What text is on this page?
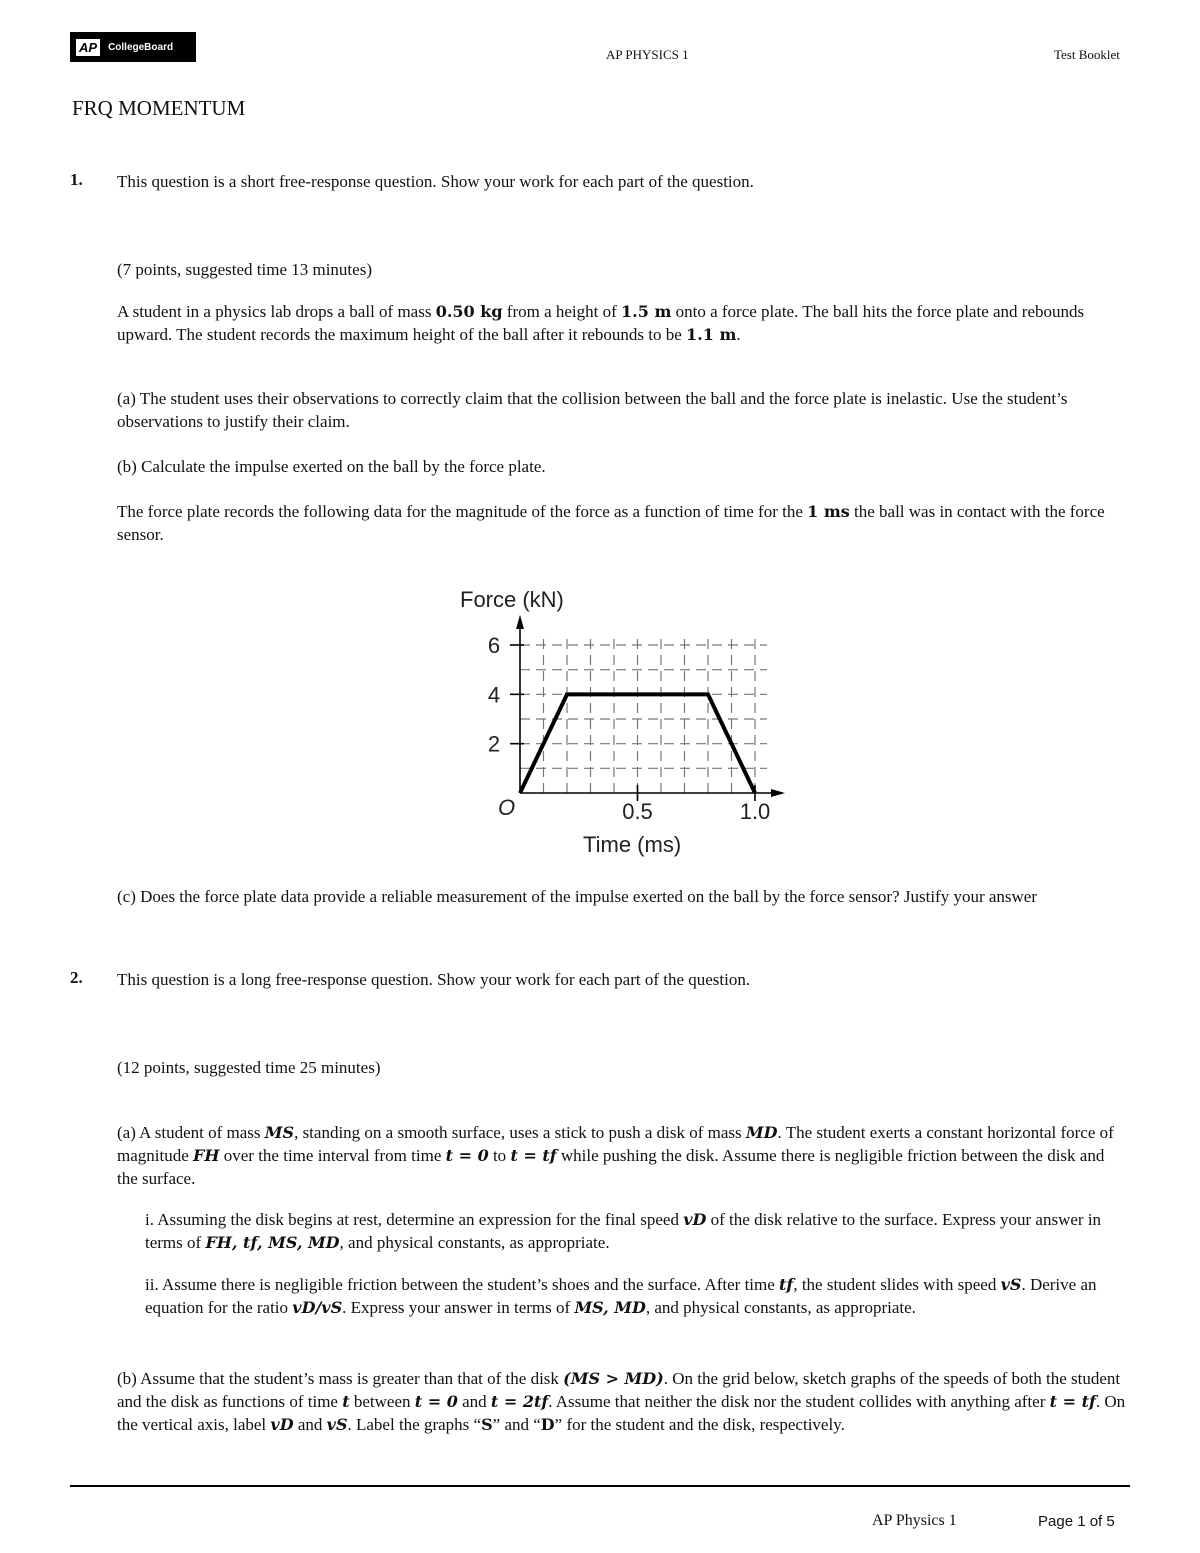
AP	CollegeBoard	AP PHYSICS 1	Test Booklet
FRQ MOMENTUM
1. This question is a short free-response question. Show your work for each part of the question.
(7 points, suggested time 13 minutes)
A student in a physics lab drops a ball of mass 0.50 kg from a height of 1.5 m onto a force plate. The ball hits the force plate and rebounds upward. The student records the maximum height of the ball after it rebounds to be 1.1 m.
(a) The student uses their observations to correctly claim that the collision between the ball and the force plate is inelastic. Use the student’s observations to justify their claim.
(b) Calculate the impulse exerted on the ball by the force plate.
The force plate records the following data for the magnitude of the force as a function of time for the 1 ms the ball was in contact with the force sensor.
2
4
6
0.5	1.0
Force (kN)
Time (ms)
O
(c) Does the force plate data provide a reliable measurement of the impulse exerted on the ball by the force sensor? Justify your answer
2. This question is a long free-response question. Show your work for each part of the question.
(12 points, suggested time 25 minutes)
(a) A student of mass MS, standing on a smooth surface, uses a stick to push a disk of mass MD. The student exerts a constant horizontal force of magnitude FH over the time interval from time t = 0 to t = tf while pushing the disk. Assume there is negligible friction between the disk and the surface.
i. Assuming the disk begins at rest, determine an expression for the final speed vD of the disk relative to the surface. Express your answer in terms of FH, tf, MS, MD, and physical constants, as appropriate.
ii. Assume there is negligible friction between the student’s shoes and the surface. After time tf, the student slides with speed vS. Derive an equation for the ratio vD/vS. Express your answer in terms of MS, MD, and physical constants, as appropriate.
(b) Assume that the student’s mass is greater than that of the disk (MS > MD). On the grid below, sketch graphs of the speeds of both the student and the disk as functions of time t between t = 0 and t = 2tf. Assume that neither the disk nor the student collides with anything after t = tf. On the vertical axis, label vD and vS. Label the graphs “S” and “D” for the student and the disk, respectively.
AP Physics 1	Page 1 of 5
